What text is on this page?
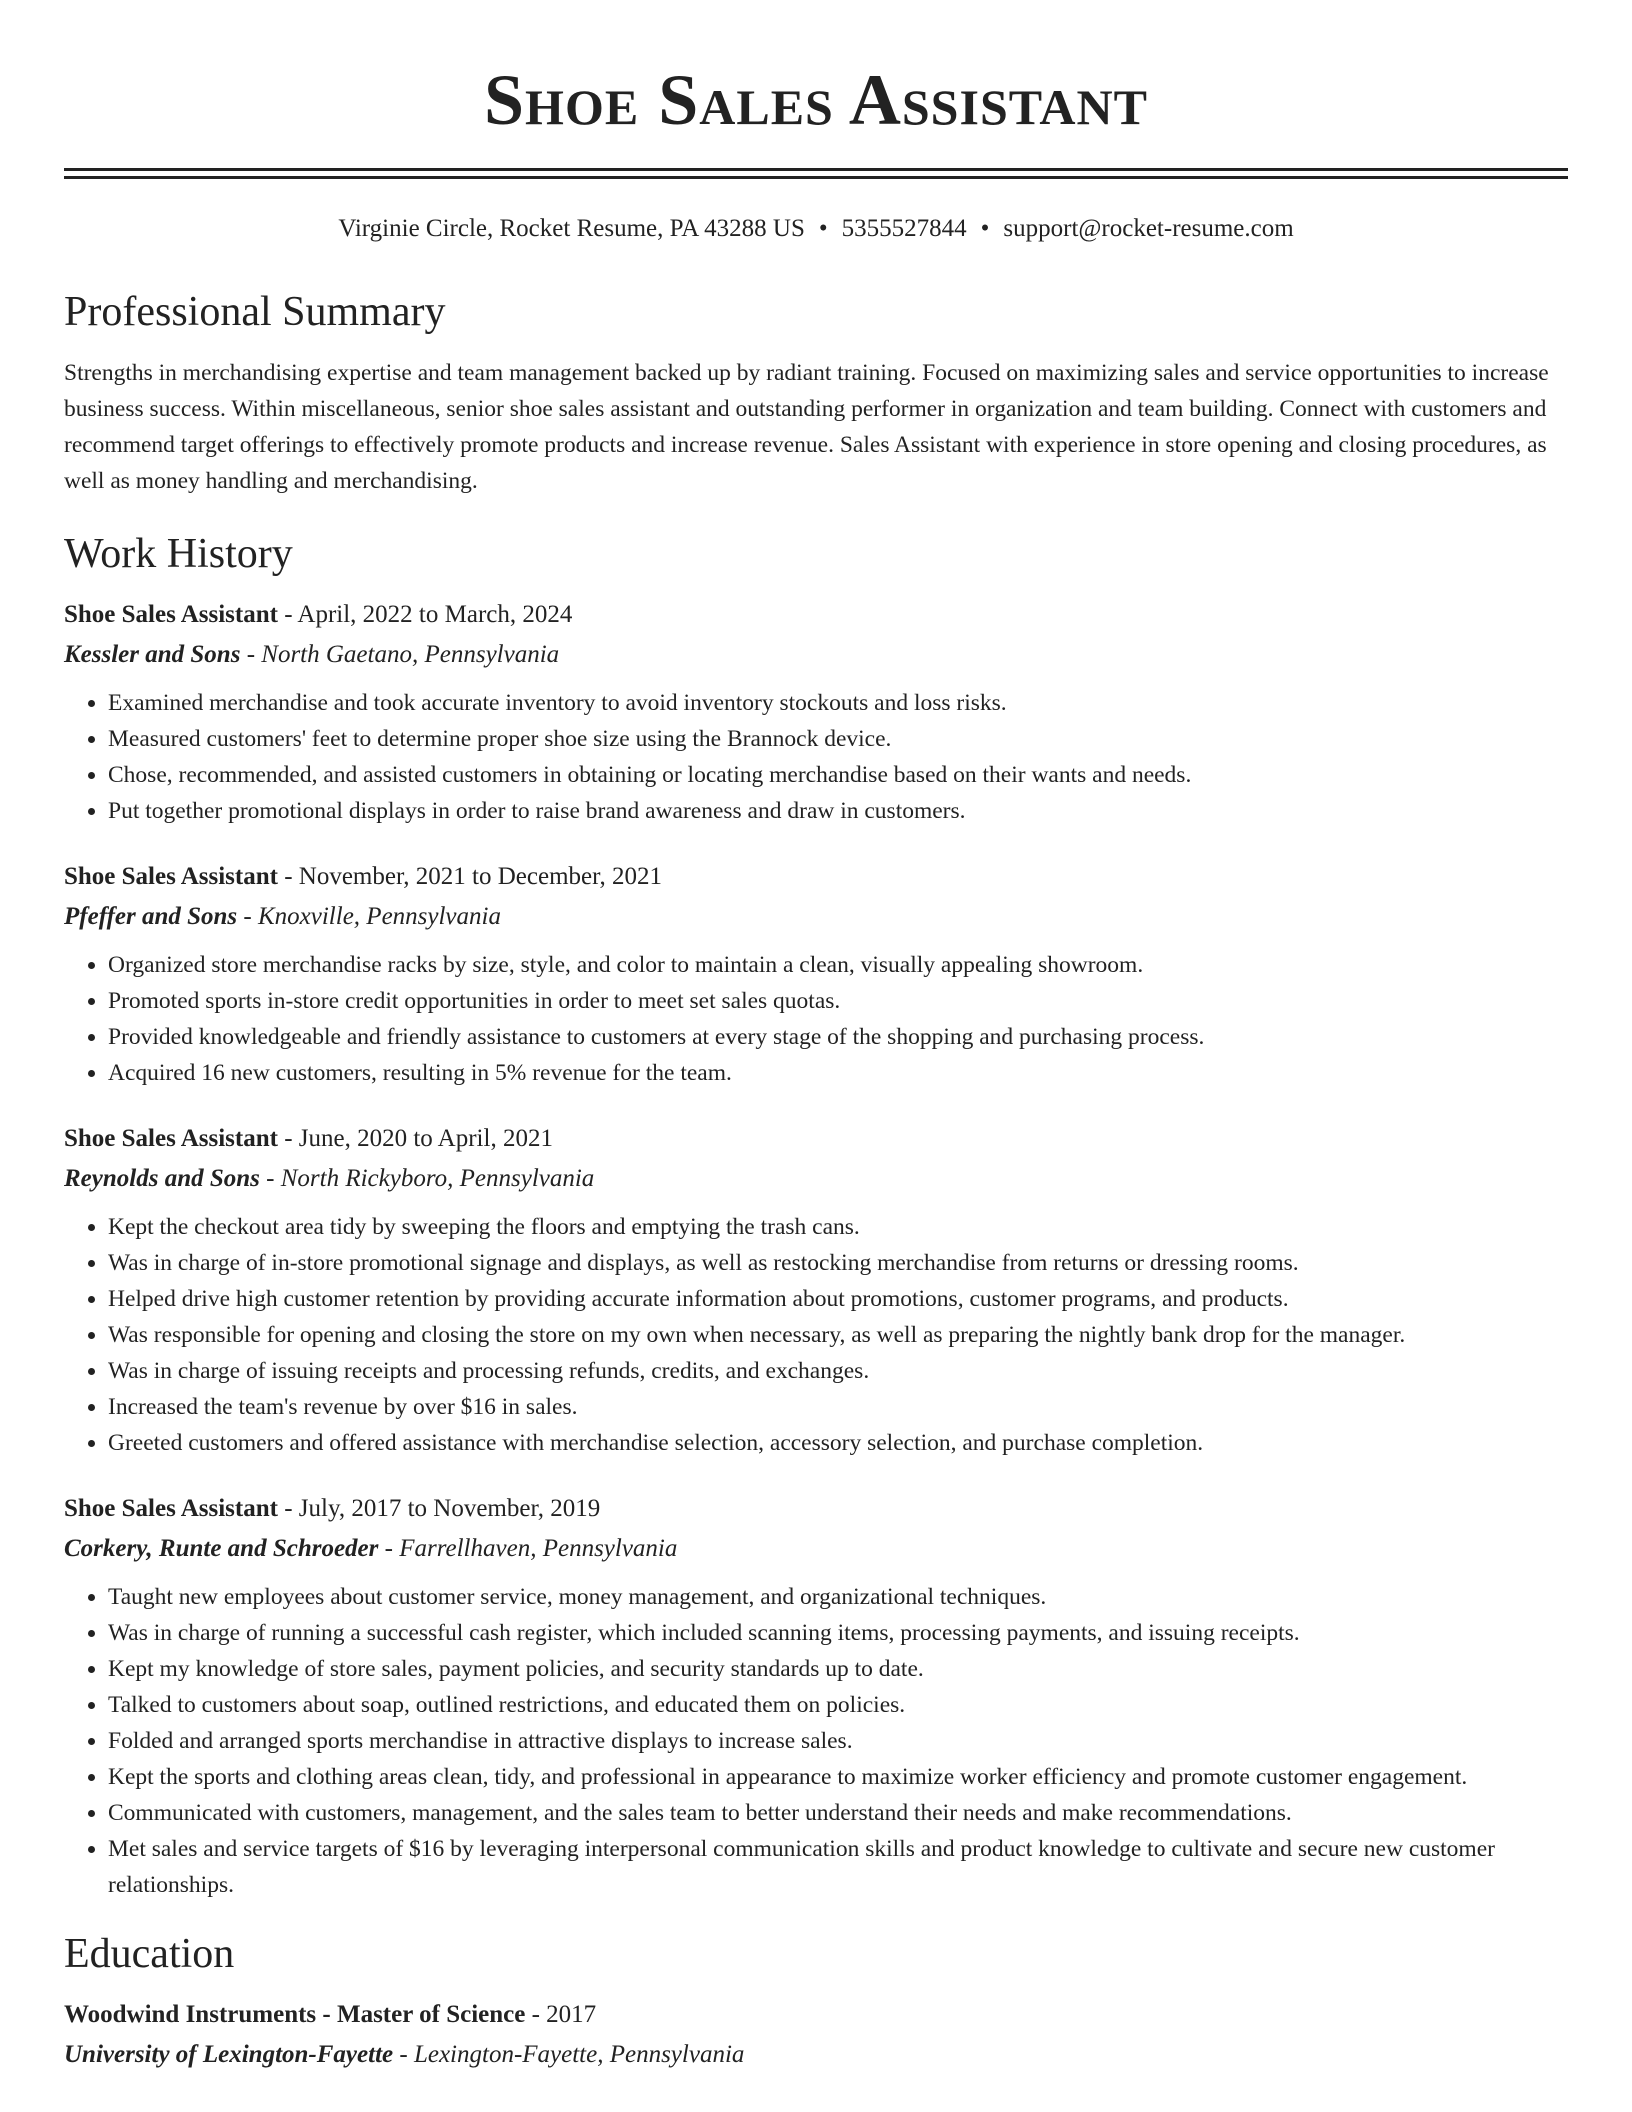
Shoe Sales Assistant
Virginie Circle, Rocket Resume, PA 43288 US • 5355527844 • support@rocket-resume.com
Professional Summary

Strengths in merchandising expertise and team management backed up by radiant training. Focused on maximizing sales and service opportunities to increase business success. Within miscellaneous, senior shoe sales assistant and outstanding performer in organization and team building. Connect with customers and recommend target offerings to effectively promote products and increase revenue. Sales Assistant with experience in store opening and closing procedures, as well as money handling and merchandising.

Work History
Shoe Sales Assistant - April, 2022 to March, 2024
Kessler and Sons - North Gaetano, Pennsylvania
• Examined merchandise and took accurate inventory to avoid inventory stockouts and loss risks.
• Measured customers' feet to determine proper shoe size using the Brannock device.
• Chose, recommended, and assisted customers in obtaining or locating merchandise based on their wants and needs.
• Put together promotional displays in order to raise brand awareness and draw in customers.
Shoe Sales Assistant - November, 2021 to December, 2021
Pfeffer and Sons - Knoxville, Pennsylvania
• Organized store merchandise racks by size, style, and color to maintain a clean, visually appealing showroom.
• Promoted sports in-store credit opportunities in order to meet set sales quotas.
• Provided knowledgeable and friendly assistance to customers at every stage of the shopping and purchasing process.
• Acquired 16 new customers, resulting in 5% revenue for the team.
Shoe Sales Assistant - June, 2020 to April, 2021
Reynolds and Sons - North Rickyboro, Pennsylvania
• Kept the checkout area tidy by sweeping the floors and emptying the trash cans.
• Was in charge of in-store promotional signage and displays, as well as restocking merchandise from returns or dressing rooms.
• Helped drive high customer retention by providing accurate information about promotions, customer programs, and products.
• Was responsible for opening and closing the store on my own when necessary, as well as preparing the nightly bank drop for the manager.
• Was in charge of issuing receipts and processing refunds, credits, and exchanges.
• Increased the team's revenue by over $16 in sales.
• Greeted customers and offered assistance with merchandise selection, accessory selection, and purchase completion.
Shoe Sales Assistant - July, 2017 to November, 2019
Corkery, Runte and Schroeder - Farrellhaven, Pennsylvania
• Taught new employees about customer service, money management, and organizational techniques.
• Was in charge of running a successful cash register, which included scanning items, processing payments, and issuing receipts.
• Kept my knowledge of store sales, payment policies, and security standards up to date.
• Talked to customers about soap, outlined restrictions, and educated them on policies.
• Folded and arranged sports merchandise in attractive displays to increase sales.
• Kept the sports and clothing areas clean, tidy, and professional in appearance to maximize worker efficiency and promote customer engagement.
• Communicated with customers, management, and the sales team to better understand their needs and make recommendations.
• Met sales and service targets of $16 by leveraging interpersonal communication skills and product knowledge to cultivate and secure new customer relationships.
Education
Woodwind Instruments - Master of Science - 2017
University of Lexington-Fayette - Lexington-Fayette, Pennsylvania
